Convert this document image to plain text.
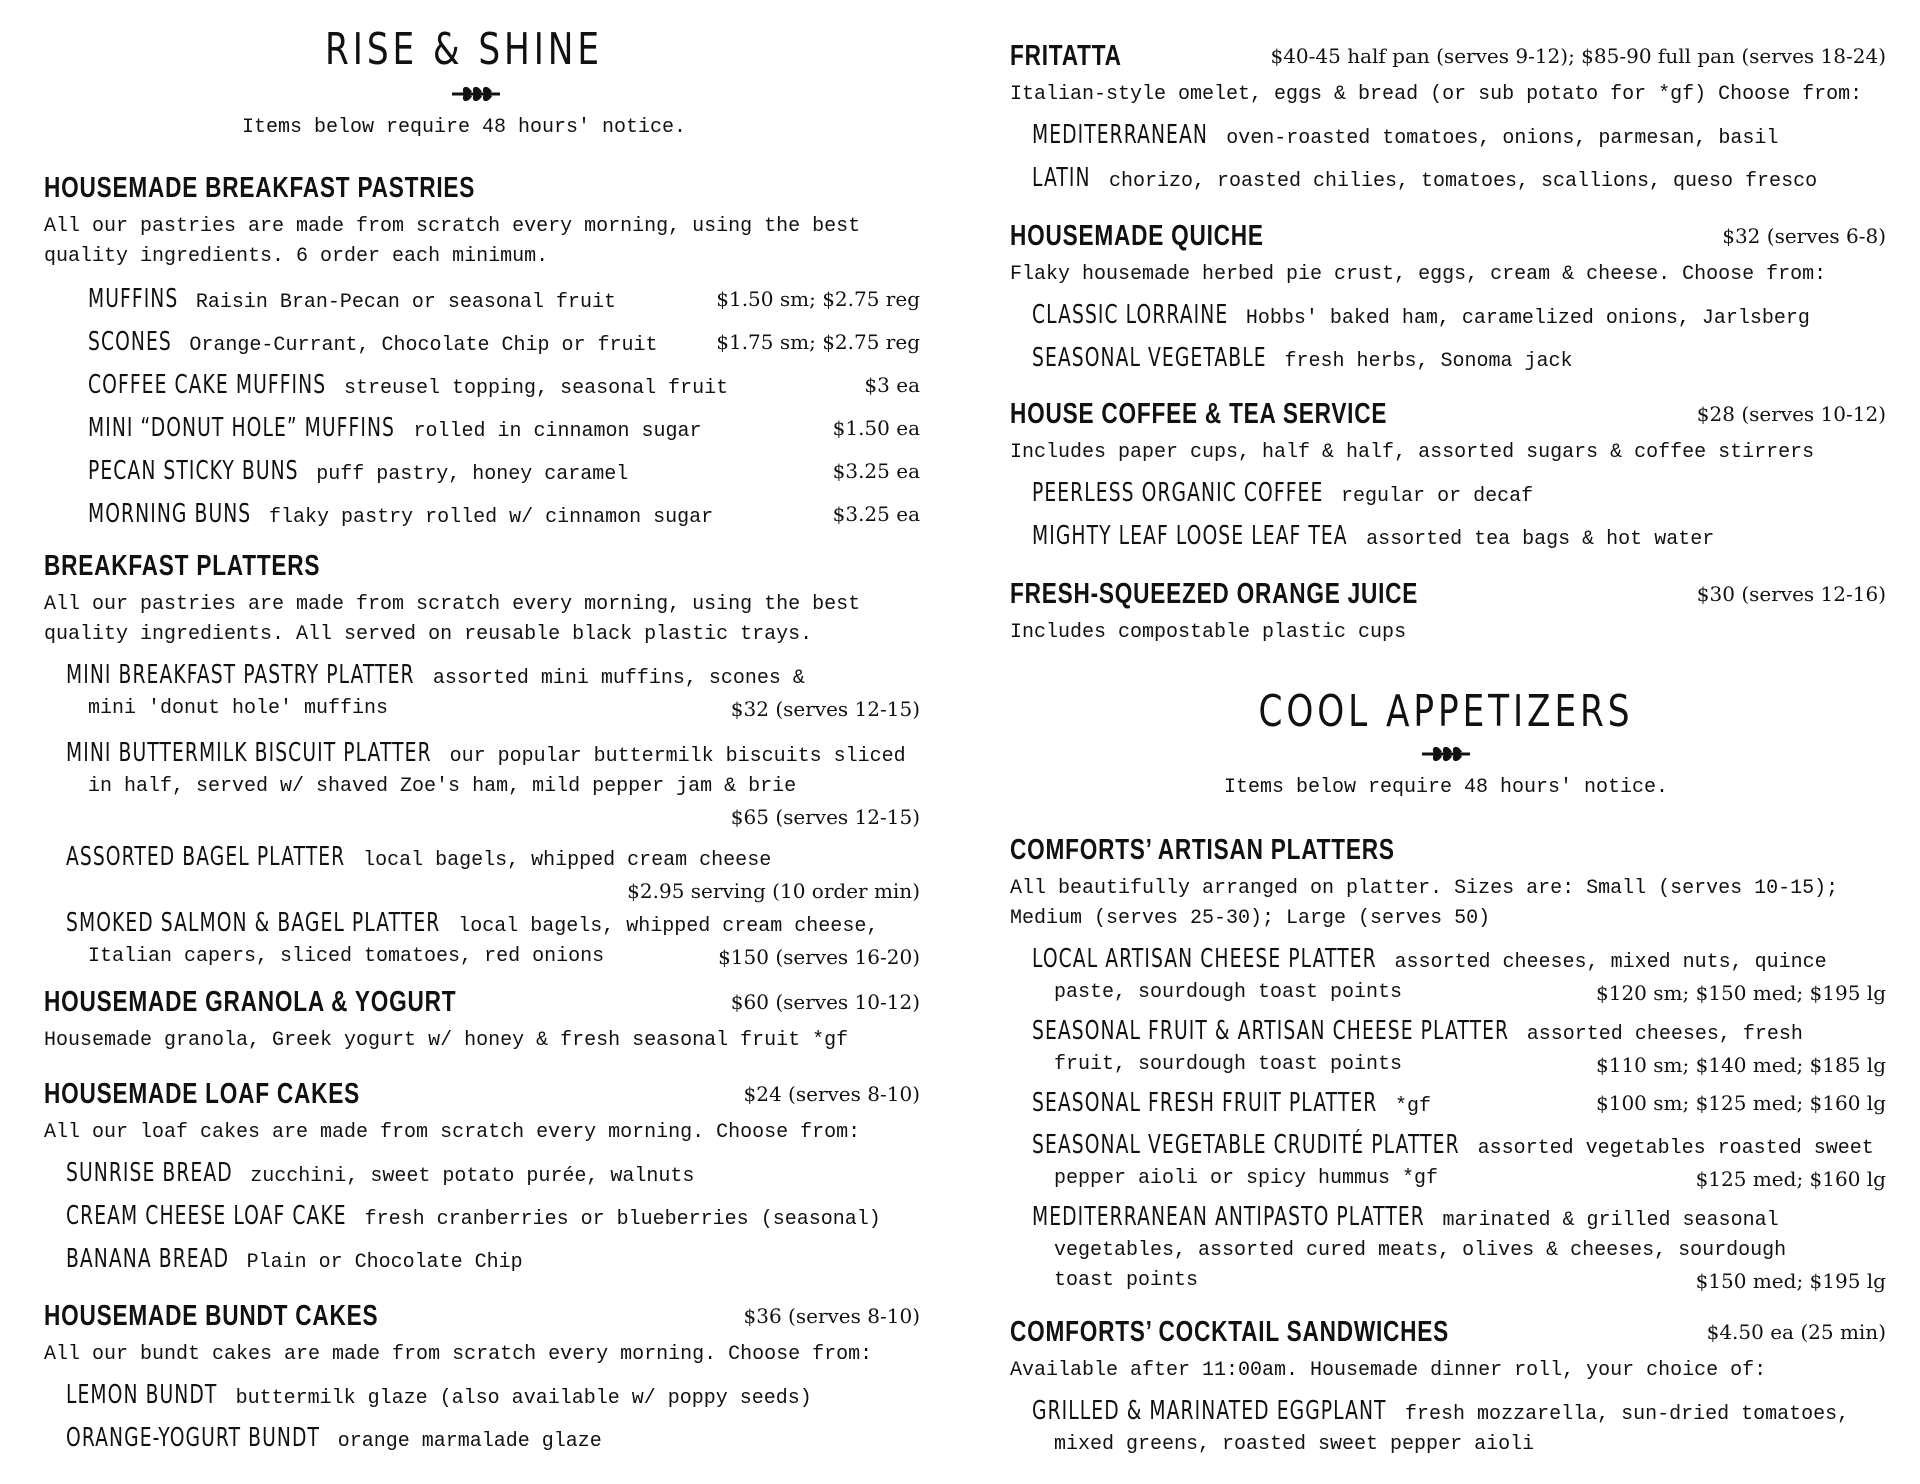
RISE & SHINE
Items below require 48 hours' notice.
HOUSEMADE BREAKFAST PASTRIES
All our pastries are made from scratch every morning, using the best
quality ingredients. 6 order each minimum.
MUFFINS Raisin Bran-Pecan or seasonal fruit	$1.50 sm; $2.75 reg
SCONES Orange-Currant, Chocolate Chip or fruit	$1.75 sm; $2.75 reg
COFFEE CAKE MUFFINS streusel topping, seasonal fruit	$3 ea
MINI “DONUT HOLE” MUFFINS rolled in cinnamon sugar	$1.50 ea
PECAN STICKY BUNS puff pastry, honey caramel	$3.25 ea
MORNING BUNS flaky pastry rolled w/ cinnamon sugar	$3.25 ea
BREAKFAST PLATTERS
All our pastries are made from scratch every morning, using the best
quality ingredients. All served on reusable black plastic trays.
MINI BREAKFAST PASTRY PLATTER assorted mini muffins, scones &
mini 'donut hole' muffins	$32 (serves 12-15)
MINI BUTTERMILK BISCUIT PLATTER our popular buttermilk biscuits sliced
in half, served w/ shaved Zoe's ham, mild pepper jam & brie
$65 (serves 12-15)
ASSORTED BAGEL PLATTER local bagels, whipped cream cheese
$2.95 serving (10 order min)
SMOKED SALMON & BAGEL PLATTER local bagels, whipped cream cheese,
Italian capers, sliced tomatoes, red onions	$150 (serves 16-20)
HOUSEMADE GRANOLA & YOGURT	$60 (serves 10-12)
Housemade granola, Greek yogurt w/ honey & fresh seasonal fruit *gf
HOUSEMADE LOAF CAKES	$24 (serves 8-10)
All our loaf cakes are made from scratch every morning. Choose from:
SUNRISE BREAD zucchini, sweet potato purée, walnuts
CREAM CHEESE LOAF CAKE fresh cranberries or blueberries (seasonal)
BANANA BREAD Plain or Chocolate Chip
HOUSEMADE BUNDT CAKES	$36 (serves 8-10)
All our bundt cakes are made from scratch every morning. Choose from:
LEMON BUNDT buttermilk glaze (also available w/ poppy seeds)
ORANGE-YOGURT BUNDT orange marmalade glaze
FRITATTA	$40-45 half pan (serves 9-12); $85-90 full pan (serves 18-24)
Italian-style omelet, eggs & bread (or sub potato for *gf) Choose from:
MEDITERRANEAN oven-roasted tomatoes, onions, parmesan, basil
LATIN chorizo, roasted chilies, tomatoes, scallions, queso fresco
HOUSEMADE QUICHE	$32 (serves 6-8)
Flaky housemade herbed pie crust, eggs, cream & cheese. Choose from:
CLASSIC LORRAINE Hobbs' baked ham, caramelized onions, Jarlsberg
SEASONAL VEGETABLE fresh herbs, Sonoma jack
HOUSE COFFEE & TEA SERVICE	$28 (serves 10-12)
Includes paper cups, half & half, assorted sugars & coffee stirrers
PEERLESS ORGANIC COFFEE regular or decaf
MIGHTY LEAF LOOSE LEAF TEA assorted tea bags & hot water
FRESH-SQUEEZED ORANGE JUICE	$30 (serves 12-16)
Includes compostable plastic cups
COOL APPETIZERS
Items below require 48 hours' notice.
COMFORTS’ ARTISAN PLATTERS
All beautifully arranged on platter. Sizes are: Small (serves 10-15);
Medium (serves 25-30); Large (serves 50)
LOCAL ARTISAN CHEESE PLATTER assorted cheeses, mixed nuts, quince
paste, sourdough toast points	$120 sm; $150 med; $195 lg
SEASONAL FRUIT & ARTISAN CHEESE PLATTER assorted cheeses, fresh
fruit, sourdough toast points	$110 sm; $140 med; $185 lg
SEASONAL FRESH FRUIT PLATTER *gf	$100 sm; $125 med; $160 lg
SEASONAL VEGETABLE CRUDITÉ PLATTER assorted vegetables roasted sweet
pepper aioli or spicy hummus *gf	$125 med; $160 lg
MEDITERRANEAN ANTIPASTO PLATTER marinated & grilled seasonal
vegetables, assorted cured meats, olives & cheeses, sourdough
toast points	$150 med; $195 lg
COMFORTS’ COCKTAIL SANDWICHES	$4.50 ea (25 min)
Available after 11:00am. Housemade dinner roll, your choice of:
GRILLED & MARINATED EGGPLANT fresh mozzarella, sun-dried tomatoes,
mixed greens, roasted sweet pepper aioli
